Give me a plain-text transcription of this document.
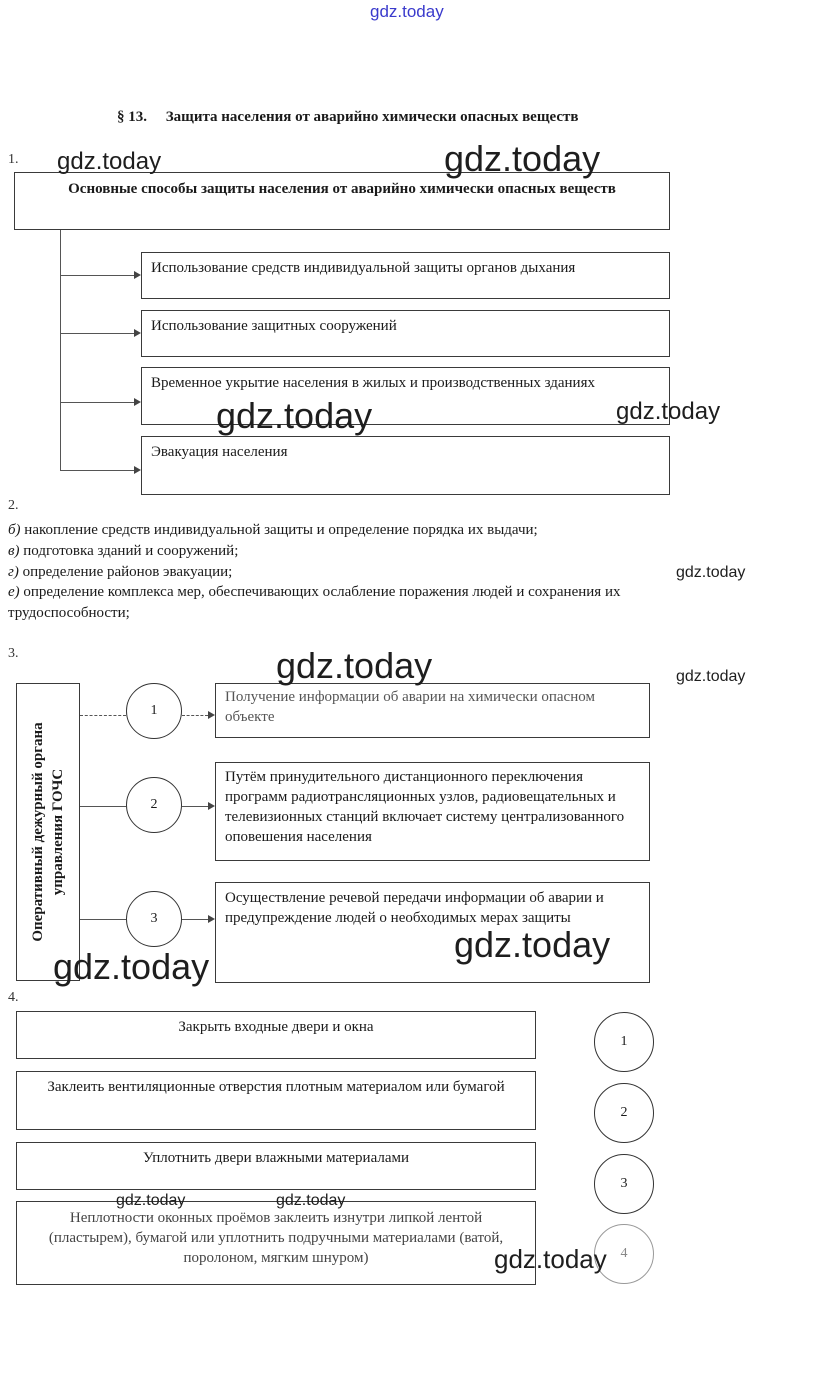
gdz.today
§ 13.     Защита населения от аварийно химически опасных веществ
1.
Основные способы защиты населения от аварийно химически опасных веществ
Использование средств индивидуальной защиты органов дыхания
Использование защитных сооружений
Временное укрытие населения в жилых и производственных зданиях
Эвакуация населения
2.
б) накопление средств индивидуальной защиты и определение порядка их выдачи;
в) подготовка зданий и сооружений;
г) определение районов эвакуации;
е) определение комплекса мер, обеспечивающих ослабление поражения людей и сохранения их
трудоспособности;
3.
Оперативный дежурный органа управления ГОЧС
1
Получение информации об аварии на химически опасном объекте
2
Путём принудительного дистанционного переключения программ радиотрансляционных узлов, радиовещательных и телевизионных станций включает систему централизованного оповешения населения
3
Осуществление речевой передачи информации об аварии и предупреждение людей о необходимых мерах защиты
4.
Закрыть входные двери и окна
1
Заклеить вентиляционные отверстия плотным материалом или бумагой
2
Уплотнить двери влажными материалами
3
Неплотности оконных проёмов заклеить изнутри липкой лентой (пластырем), бумагой или уплотнить подручными материалами (ватой, поролоном, мягким шнуром)	4
gdz.today	gdz.today
gdz.today	gdz.today
gdz.today
gdz.today	gdz.today
gdz.today
gdz.today
gdz.today	gdz.today
gdz.today
